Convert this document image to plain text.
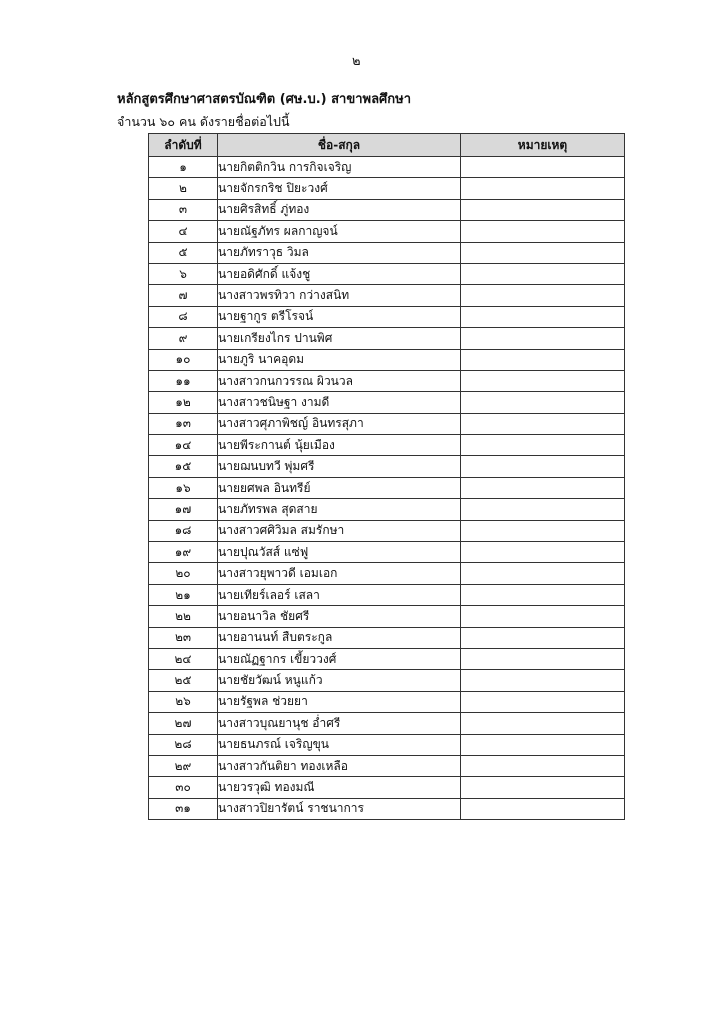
๒
หลักสูตรศึกษาศาสตรบัณฑิต (ศษ.บ.) สาขาพลศึกษา
จำนวน ๖๐ คน ดังรายชื่อต่อไปนี้
ลำดับที่	ชื่อ-สกุล	หมายเหตุ
๑	นายกิตติกวิน การกิจเจริญ	
๒	นายจักรกริช ปิยะวงศ์	
๓	นายศิรสิทธิ์ ภู่ทอง	
๔	นายณัฐภัทร ผลกาญจน์	
๕	นายภัทราวุธ วิมล	
๖	นายอดิศักดิ์ แจ้งชู	
๗	นางสาวพรทิวา กว่างสนิท	
๘	นายฐากูร ตรีโรจน์	
๙	นายเกรียงไกร ปานพิศ	
๑๐	นายภูริ นาคอุดม	
๑๑	นางสาวกนกวรรณ ผิวนวล	
๑๒	นางสาวชนิษฐา งามดี	
๑๓	นางสาวศุภาพิชญ์ อินทรสุภา	
๑๔	นายพีระกานต์ นุ้ยเมือง	
๑๕	นายฌนบทวี พุ่มศรี	
๑๖	นายยศพล อินทรีย์	
๑๗	นายภัทรพล สุดสาย	
๑๘	นางสาวศศิวิมล สมรักษา	
๑๙	นายปุณวัสส์ แซ่ฟู	
๒๐	นางสาวยุพาวดี เอมเอก	
๒๑	นายเทียร์เลอร์ เสลา	
๒๒	นายอนาวิล ชัยศรี	
๒๓	นายอานนท์ สืบตระกูล	
๒๔	นายณัฏฐากร เขี้ยววงศ์	
๒๕	นายชัยวัฒน์ หนูแก้ว	
๒๖	นายรัฐพล ช่วยยา	
๒๗	นางสาวบุณยานุช อ่ำศรี	
๒๘	นายธนภรณ์ เจริญขุน	
๒๙	นางสาวกันติยา ทองเหลือ	
๓๐	นายวรวุฒิ ทองมณี	
๓๑	นางสาวปิยารัตน์ ราชนาการ	
